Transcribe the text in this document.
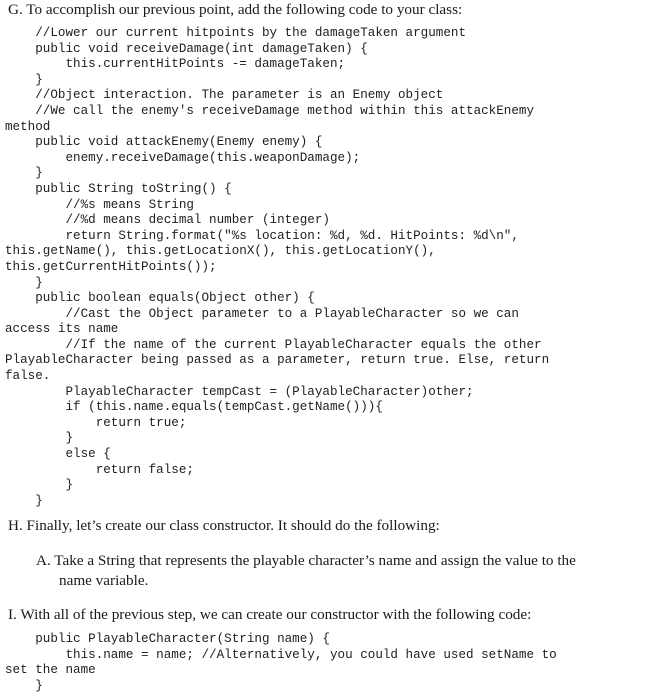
G. To accomplish our previous point, add the following code to your class:
//Lower our current hitpoints by the damageTaken argument
public void receiveDamage(int damageTaken) {
this.currentHitPoints -= damageTaken;
}
//Object interaction. The parameter is an Enemy object
//We call the enemy's receiveDamage method within this attackEnemy
method
public void attackEnemy(Enemy enemy) {
enemy.receiveDamage(this.weaponDamage);
}
public String toString() {
//%s means String
//%d means decimal number (integer)
return String.format("%s location: %d, %d. HitPoints: %d\n",
this.getName(), this.getLocationX(), this.getLocationY(),
this.getCurrentHitPoints());
}
public boolean equals(Object other) {
//Cast the Object parameter to a PlayableCharacter so we can
access its name
//If the name of the current PlayableCharacter equals the other
PlayableCharacter being passed as a parameter, return true. Else, return
false.
PlayableCharacter tempCast = (PlayableCharacter)other;
if (this.name.equals(tempCast.getName())){
return true;
}
else {
return false;
}
}
H. Finally, let’s create our class constructor. It should do the following:
A. Take a String that represents the playable character’s name and assign the value to the
name variable.
I. With all of the previous step, we can create our constructor with the following code:
public PlayableCharacter(String name) {
this.name = name; //Alternatively, you could have used setName to
set the name
}
